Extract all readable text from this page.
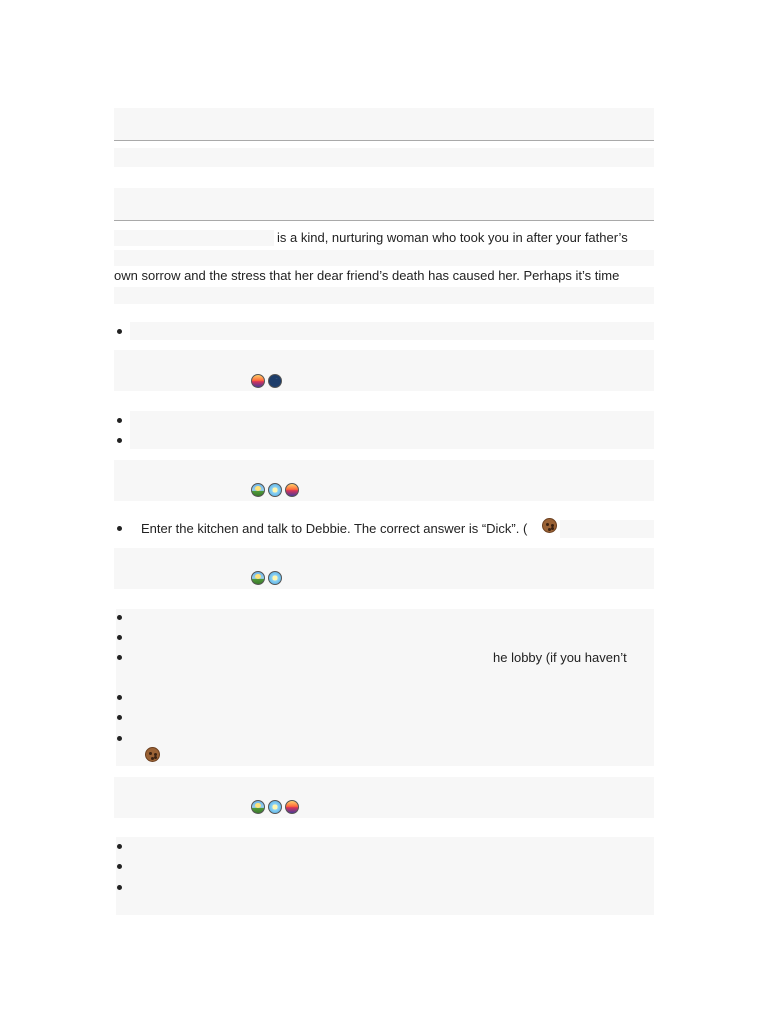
is a kind, nurturing woman who took you in after your father’s
own sorrow and the stress that her dear friend’s death has caused her. Perhaps it’s time
Enter the kitchen and talk to Debbie. The correct answer is “Dick”. (
he lobby (if you haven’t
